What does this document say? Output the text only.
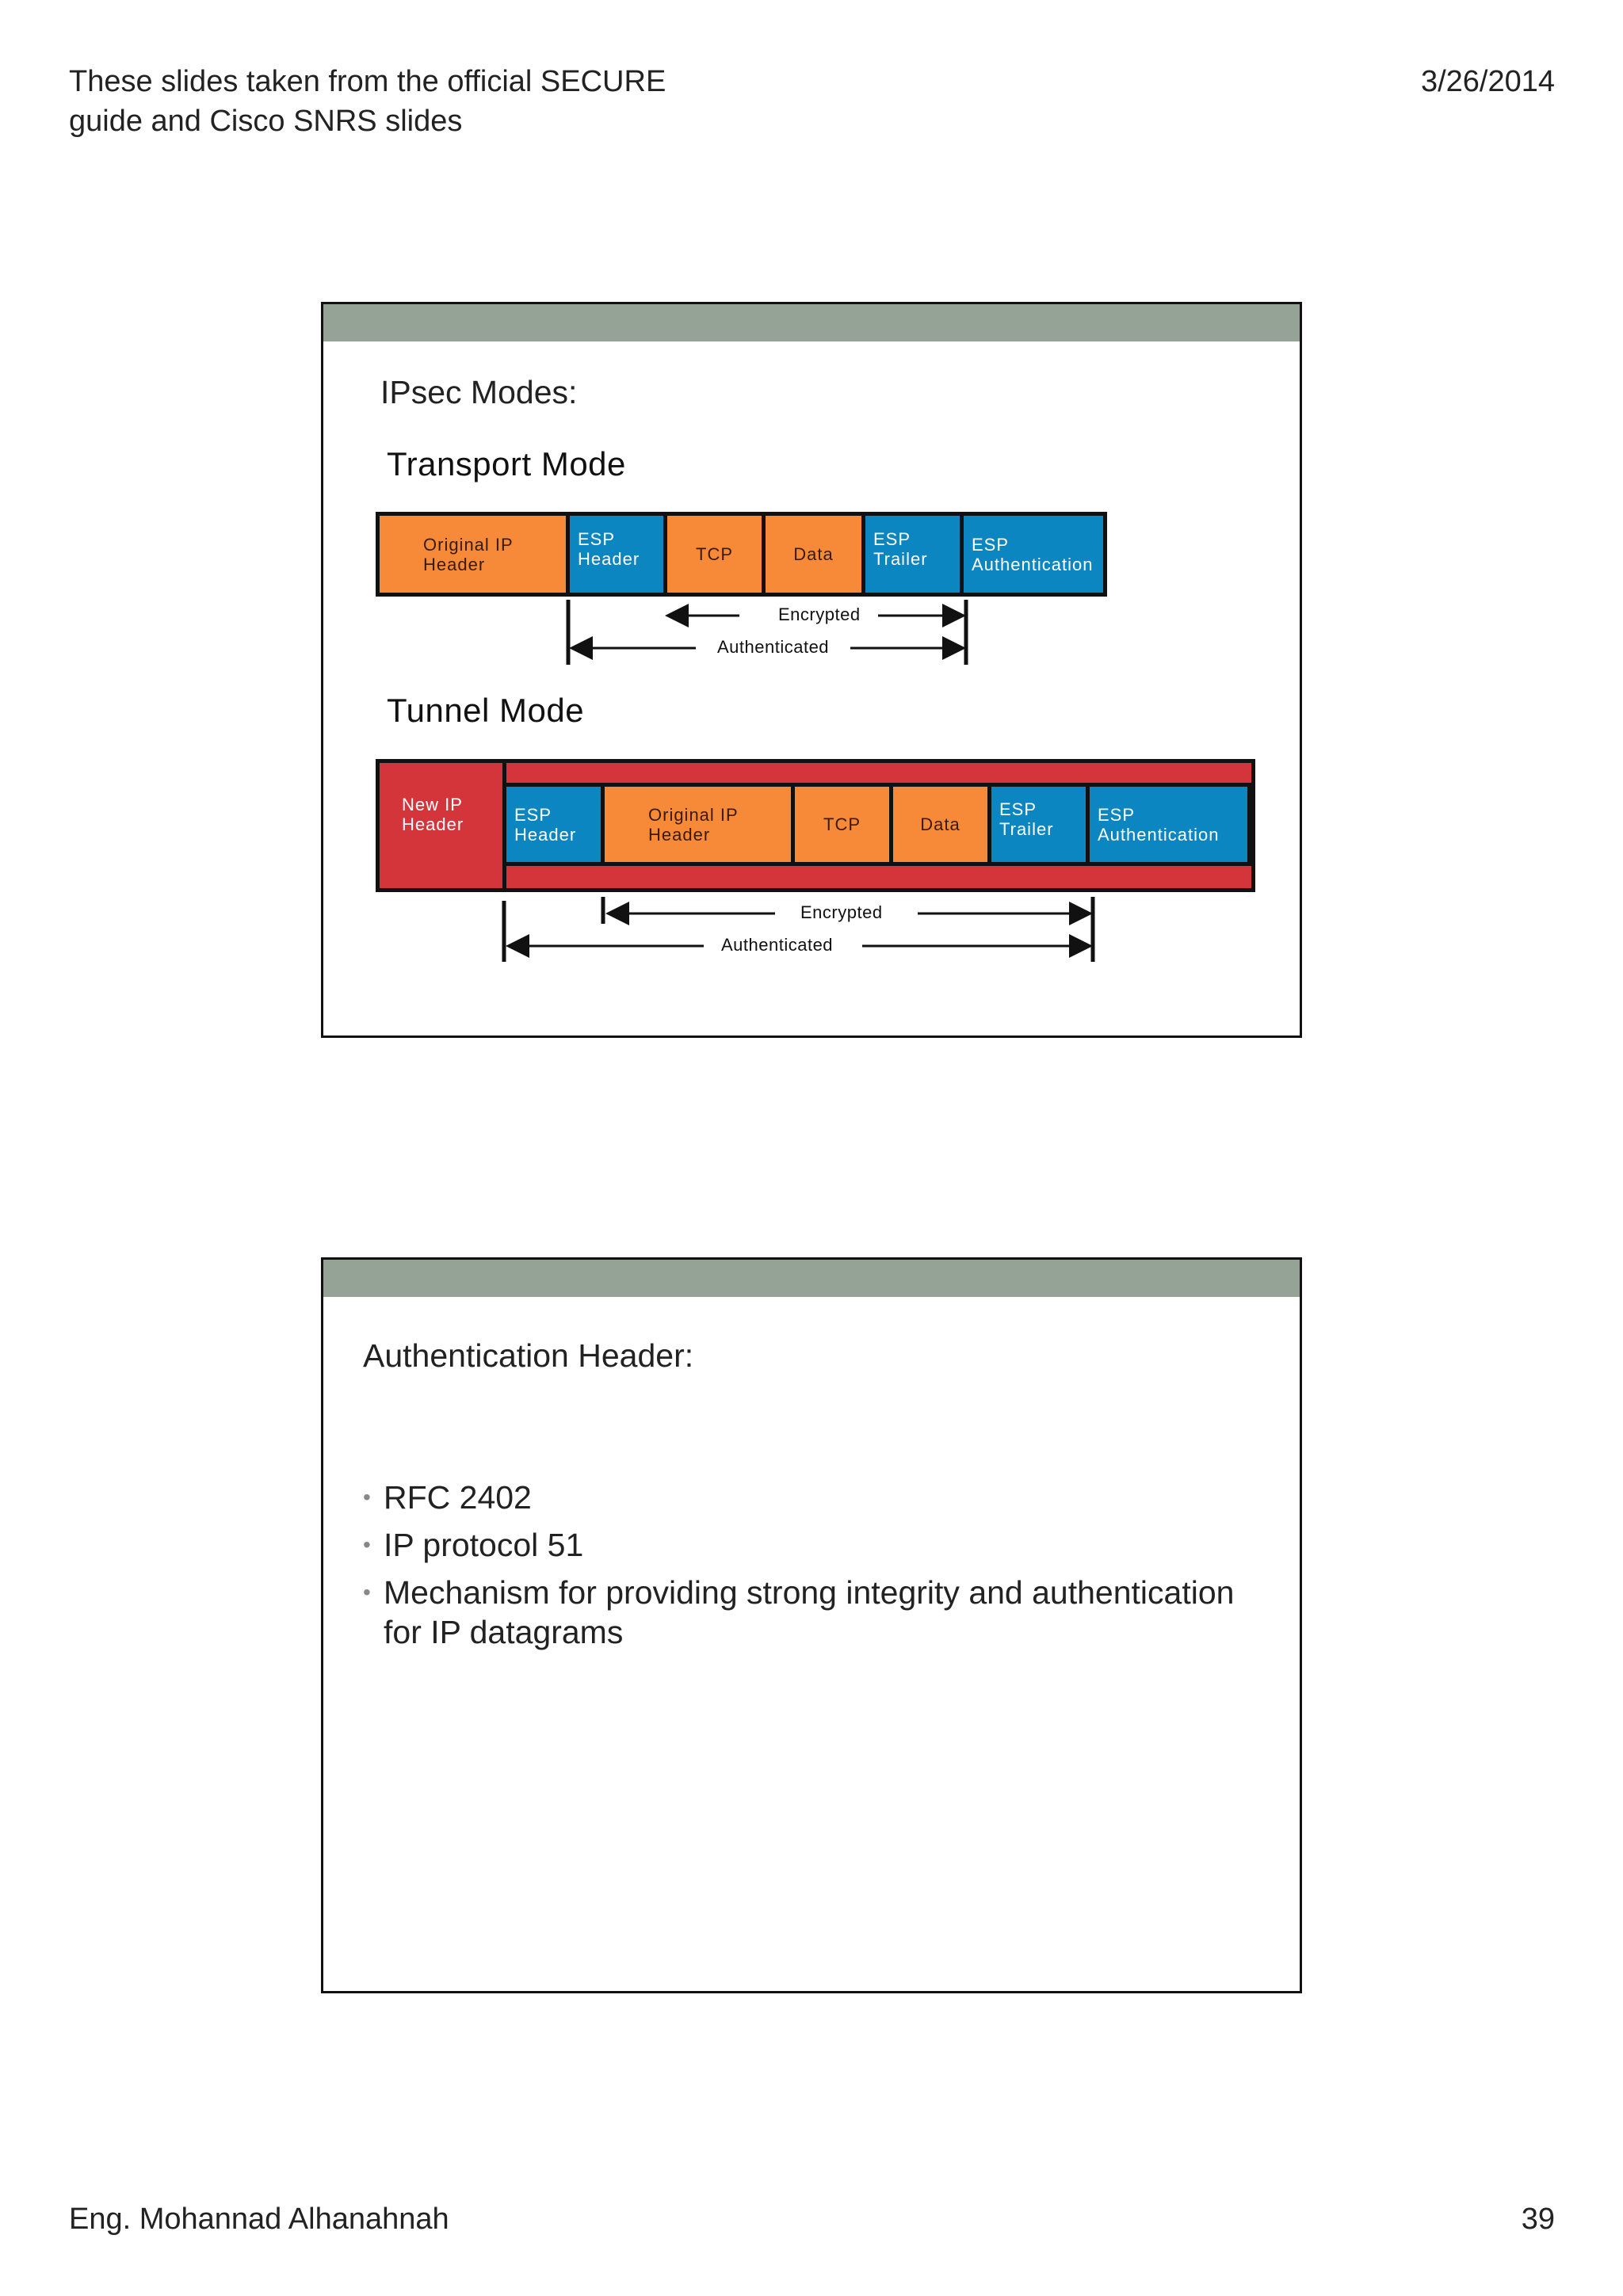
These slides taken from the official SECURE
guide and Cisco SNRS slides
3/26/2014
IPsec Modes:
Transport Mode
Original IP
Header
ESP
Header	TCP	Data
ESP
Trailer
ESP
Authentication
Encrypted
Authenticated
Tunnel Mode
New IP
Header	ESP
Header
Original IP
Header	TCP	Data
ESP
Trailer
ESP
Authentication
Encrypted
Authenticated
Authentication Header:
• RFC 2402
• IP protocol 51
• Mechanism for providing strong integrity and authentication for IP datagrams
Eng. Mohannad Alhanahnah	39
